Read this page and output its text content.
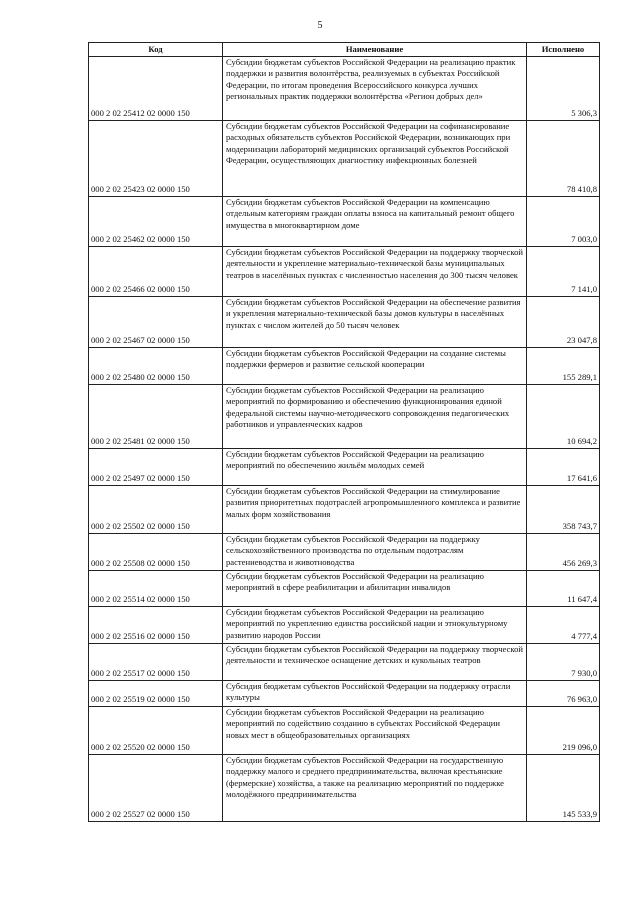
5
Код	Наименование	Исполнено
000 2 02 25412 02 0000 150	Субсидии бюджетам субъектов Российской Федерации на реализацию практик поддержки и развития волонтёрства, реализуемых в субъектах Российской Федерации, по итогам проведения Всероссийского конкурса лучших региональных практик поддержки волонтёрства «Регион добрых дел»	5 306,3
000 2 02 25423 02 0000 150	Субсидии бюджетам субъектов Российской Федерации на софинансирование расходных обязательств субъектов Российской Федерации, возникающих при модернизации лабораторий медицинских организаций субъектов Российской Федерации, осуществляющих диагностику инфекционных болезней	78 410,8
000 2 02 25462 02 0000 150	Субсидии бюджетам субъектов Российской Федерации на компенсацию отдельным категориям граждан оплаты взноса на капитальный ремонт общего имущества в многоквартирном доме	7 003,0
000 2 02 25466 02 0000 150	Субсидии бюджетам субъектов Российской Федерации на поддержку творческой деятельности и укрепление материально-технической базы муниципальных театров в населённых пунктах с численностью населения до 300 тысяч человек	7 141,0
000 2 02 25467 02 0000 150	Субсидии бюджетам субъектов Российской Федерации на обеспечение развития и укрепления материально-технической базы домов культуры в населённых пунктах с числом жителей до 50 тысяч человек	23 047,8
000 2 02 25480 02 0000 150	Субсидии бюджетам субъектов Российской Федерации на создание системы поддержки фермеров и развитие сельской кооперации	155 289,1
000 2 02 25481 02 0000 150	Субсидии бюджетам субъектов Российской Федерации на реализацию мероприятий по формированию и обеспечению функционирования единой федеральной системы научно-методического сопровождения педагогических работников и управленческих кадров	10 694,2
000 2 02 25497 02 0000 150	Субсидии бюджетам субъектов Российской Федерации на реализацию мероприятий по обеспечению жильём молодых семей	17 641,6
000 2 02 25502 02 0000 150	Субсидии бюджетам субъектов Российской Федерации на стимулирование развития приоритетных подотраслей агропромышленного комплекса и развитие малых форм хозяйствования	358 743,7
000 2 02 25508 02 0000 150	Субсидии бюджетам субъектов Российской Федерации на поддержку сельскохозяйственного производства по отдельным подотраслям растениеводства и животноводства	456 269,3
000 2 02 25514 02 0000 150	Субсидии бюджетам субъектов Российской Федерации на реализацию мероприятий в сфере реабилитации и абилитации инвалидов	11 647,4
000 2 02 25516 02 0000 150	Субсидии бюджетам субъектов Российской Федерации на реализацию мероприятий по укреплению единства российской нации и этнокультурному развитию народов России	4 777,4
000 2 02 25517 02 0000 150	Субсидии бюджетам субъектов Российской Федерации на поддержку творческой деятельности и техническое оснащение детских и кукольных театров	7 930,0
000 2 02 25519 02 0000 150	Субсидия бюджетам субъектов Российской Федерации на поддержку отрасли культуры	76 963,0
000 2 02 25520 02 0000 150	Субсидии бюджетам субъектов Российской Федерации на реализацию мероприятий по содействию созданию в субъектах Российской Федерации новых мест в общеобразовательных организациях	219 096,0
000 2 02 25527 02 0000 150	Субсидии бюджетам субъектов Российской Федерации на государственную поддержку малого и среднего предпринимательства, включая крестьянские (фермерские) хозяйства, а также на реализацию мероприятий по поддержке молодёжного предпринимательства	145 533,9
